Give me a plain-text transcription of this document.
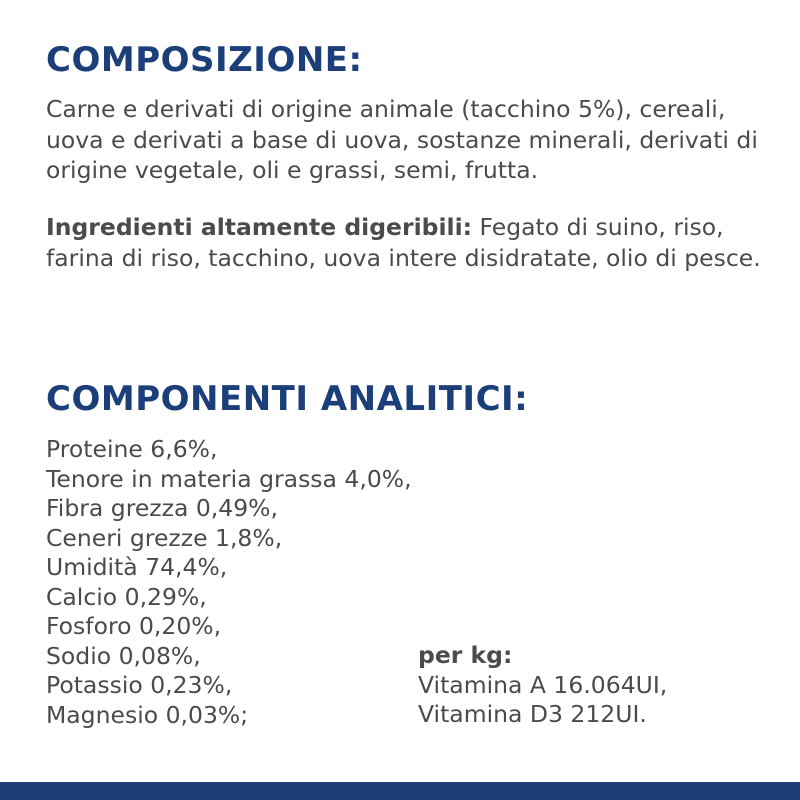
COMPOSIZIONE:

Carne e derivati di origine animale (tacchino 5%), cereali, uova e derivati a base di uova, sostanze minerali, derivati di origine vegetale, oli e grassi, semi, frutta.

Ingredienti altamente digeribili: Fegato di suino, riso, farina di riso, tacchino, uova intere disidratate, olio di pesce.

COMPONENTI ANALITICI:
Proteine 6,6%,
Tenore in materia grassa 4,0%,
Fibra grezza 0,49%,
Ceneri grezze 1,8%,
Umidità 74,4%,
Calcio 0,29%,
Fosforo 0,20%,
Sodio 0,08%,
Potassio 0,23%,
Magnesio 0,03%;
per kg:
Vitamina A 16.064UI,
Vitamina D3 212UI.
